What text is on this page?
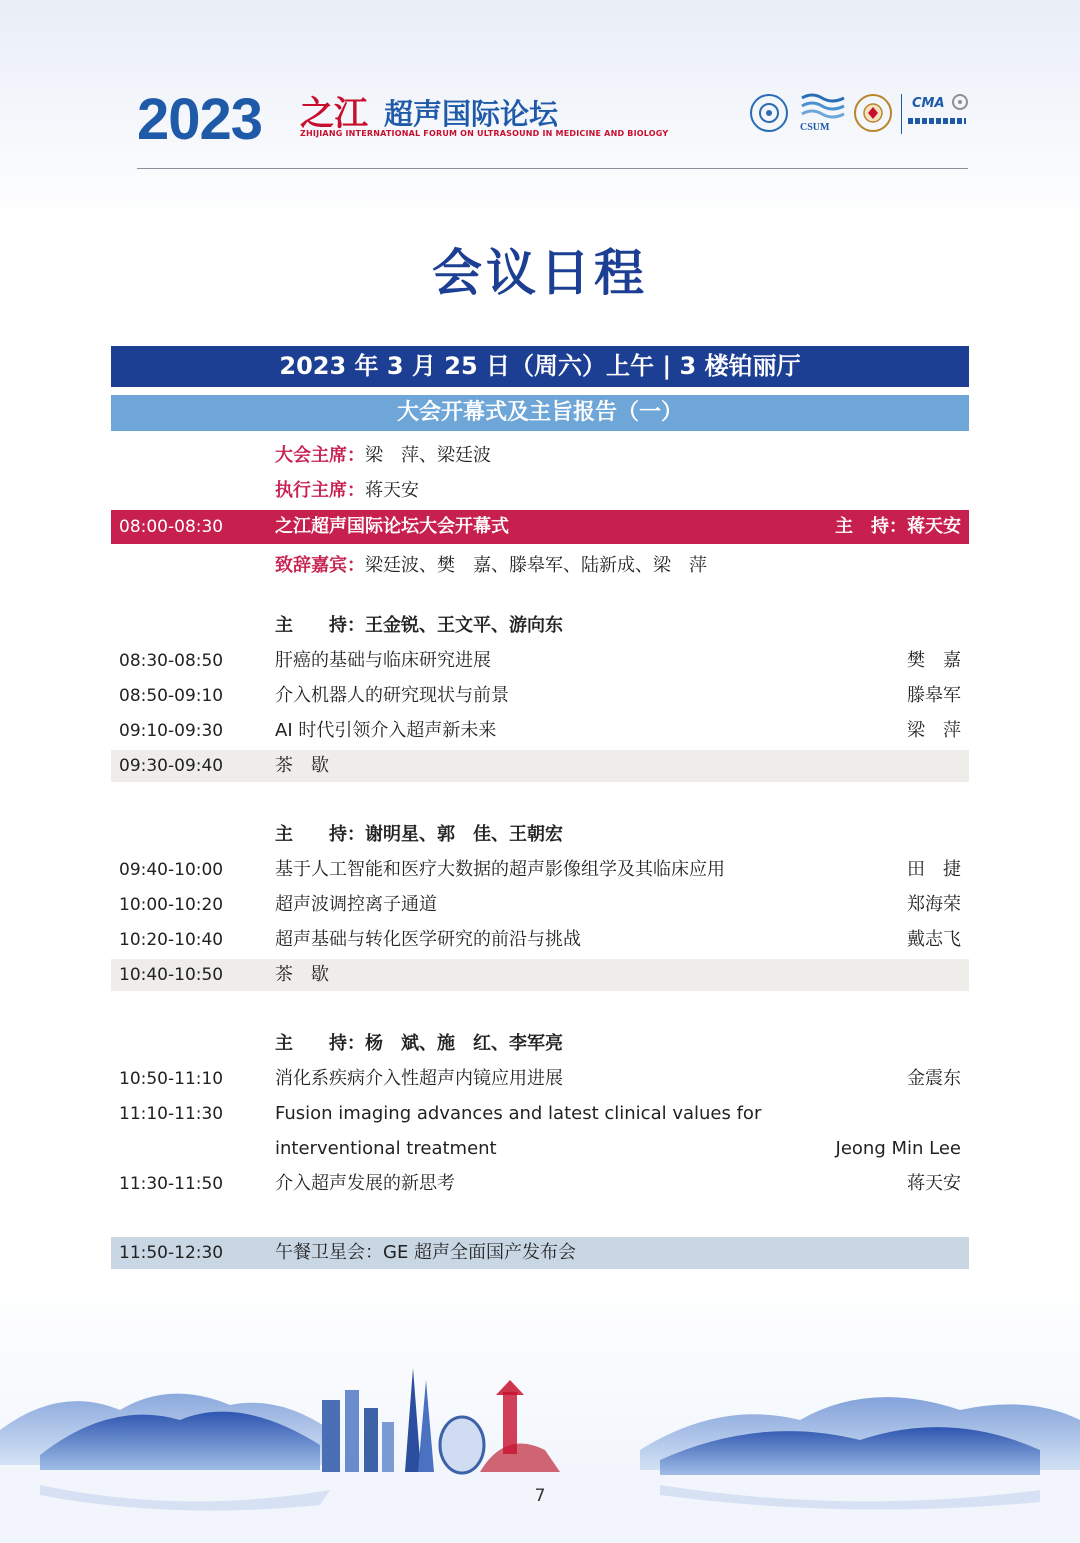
2023 之江 超声国际论坛
ZHIJIANG INTERNATIONAL FORUM ON ULTRASOUND IN MEDICINE AND BIOLOGY
CSUM
CMA
会议日程
2023 年 3 月 25 日（周六）上午 | 3 楼铂丽厅
大会开幕式及主旨报告（一）
大会主席：梁　萍、梁廷波
执行主席：蒋天安
08:00-08:30	之江超声国际论坛大会开幕式	主　持：蒋天安
致辞嘉宾：梁廷波、樊　嘉、滕皋军、陆新成、梁　萍
主　　持：王金锐、王文平、游向东
08:30-08:50	肝癌的基础与临床研究进展	樊　嘉
08:50-09:10	介入机器人的研究现状与前景	滕皋军
09:10-09:30	AI 时代引领介入超声新未来	梁　萍
09:30-09:40	茶　歇
主　　持：谢明星、郭　佳、王朝宏
09:40-10:00	基于人工智能和医疗大数据的超声影像组学及其临床应用	田　捷
10:00-10:20	超声波调控离子通道	郑海荣
10:20-10:40	超声基础与转化医学研究的前沿与挑战	戴志飞
10:40-10:50	茶　歇
主　　持：杨　斌、施　红、李军亮
10:50-11:10	消化系疾病介入性超声内镜应用进展	金震东
11:10-11:30	Fusion imaging advances and latest clinical values for
interventional treatment	Jeong Min Lee
11:30-11:50	介入超声发展的新思考	蒋天安
11:50-12:30	午餐卫星会：GE 超声全面国产发布会
7
